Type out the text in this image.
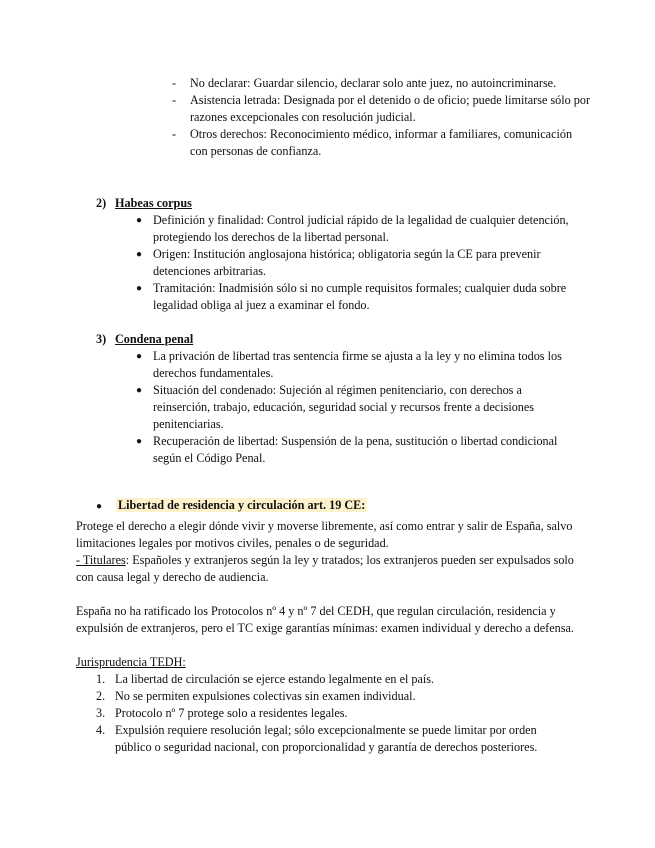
- No declarar: Guardar silencio, declarar solo ante juez, no autoincriminarse.
- Asistencia letrada: Designada por el detenido o de oficio; puede limitarse sólo por razones excepcionales con resolución judicial.
- Otros derechos: Reconocimiento médico, informar a familiares, comunicación con personas de confianza.
2) Habeas corpus
● Definición y finalidad: Control judicial rápido de la legalidad de cualquier detención, protegiendo los derechos de la libertad personal.
● Origen: Institución anglosajona histórica; obligatoria según la CE para prevenir detenciones arbitrarias.
● Tramitación: Inadmisión sólo si no cumple requisitos formales; cualquier duda sobre legalidad obliga al juez a examinar el fondo.
3) Condena penal
● La privación de libertad tras sentencia firme se ajusta a la ley y no elimina todos los derechos fundamentales.
● Situación del condenado: Sujeción al régimen penitenciario, con derechos a reinserción, trabajo, educación, seguridad social y recursos frente a decisiones penitenciarias.
● Recuperación de libertad: Suspensión de la pena, sustitución o libertad condicional según el Código Penal.
● Libertad de residencia y circulación art. 19 CE:
Protege el derecho a elegir dónde vivir y moverse libremente, así como entrar y salir de España, salvo limitaciones legales por motivos civiles, penales o de seguridad.
- Titulares: Españoles y extranjeros según la ley y tratados; los extranjeros pueden ser expulsados solo con causa legal y derecho de audiencia.
España no ha ratificado los Protocolos nº 4 y nº 7 del CEDH, que regulan circulación, residencia y expulsión de extranjeros, pero el TC exige garantías mínimas: examen individual y derecho a defensa.
Jurisprudencia TEDH:
1. La libertad de circulación se ejerce estando legalmente en el país.
2. No se permiten expulsiones colectivas sin examen individual.
3. Protocolo nº 7 protege solo a residentes legales.
4. Expulsión requiere resolución legal; sólo excepcionalmente se puede limitar por orden público o seguridad nacional, con proporcionalidad y garantía de derechos posteriores.
